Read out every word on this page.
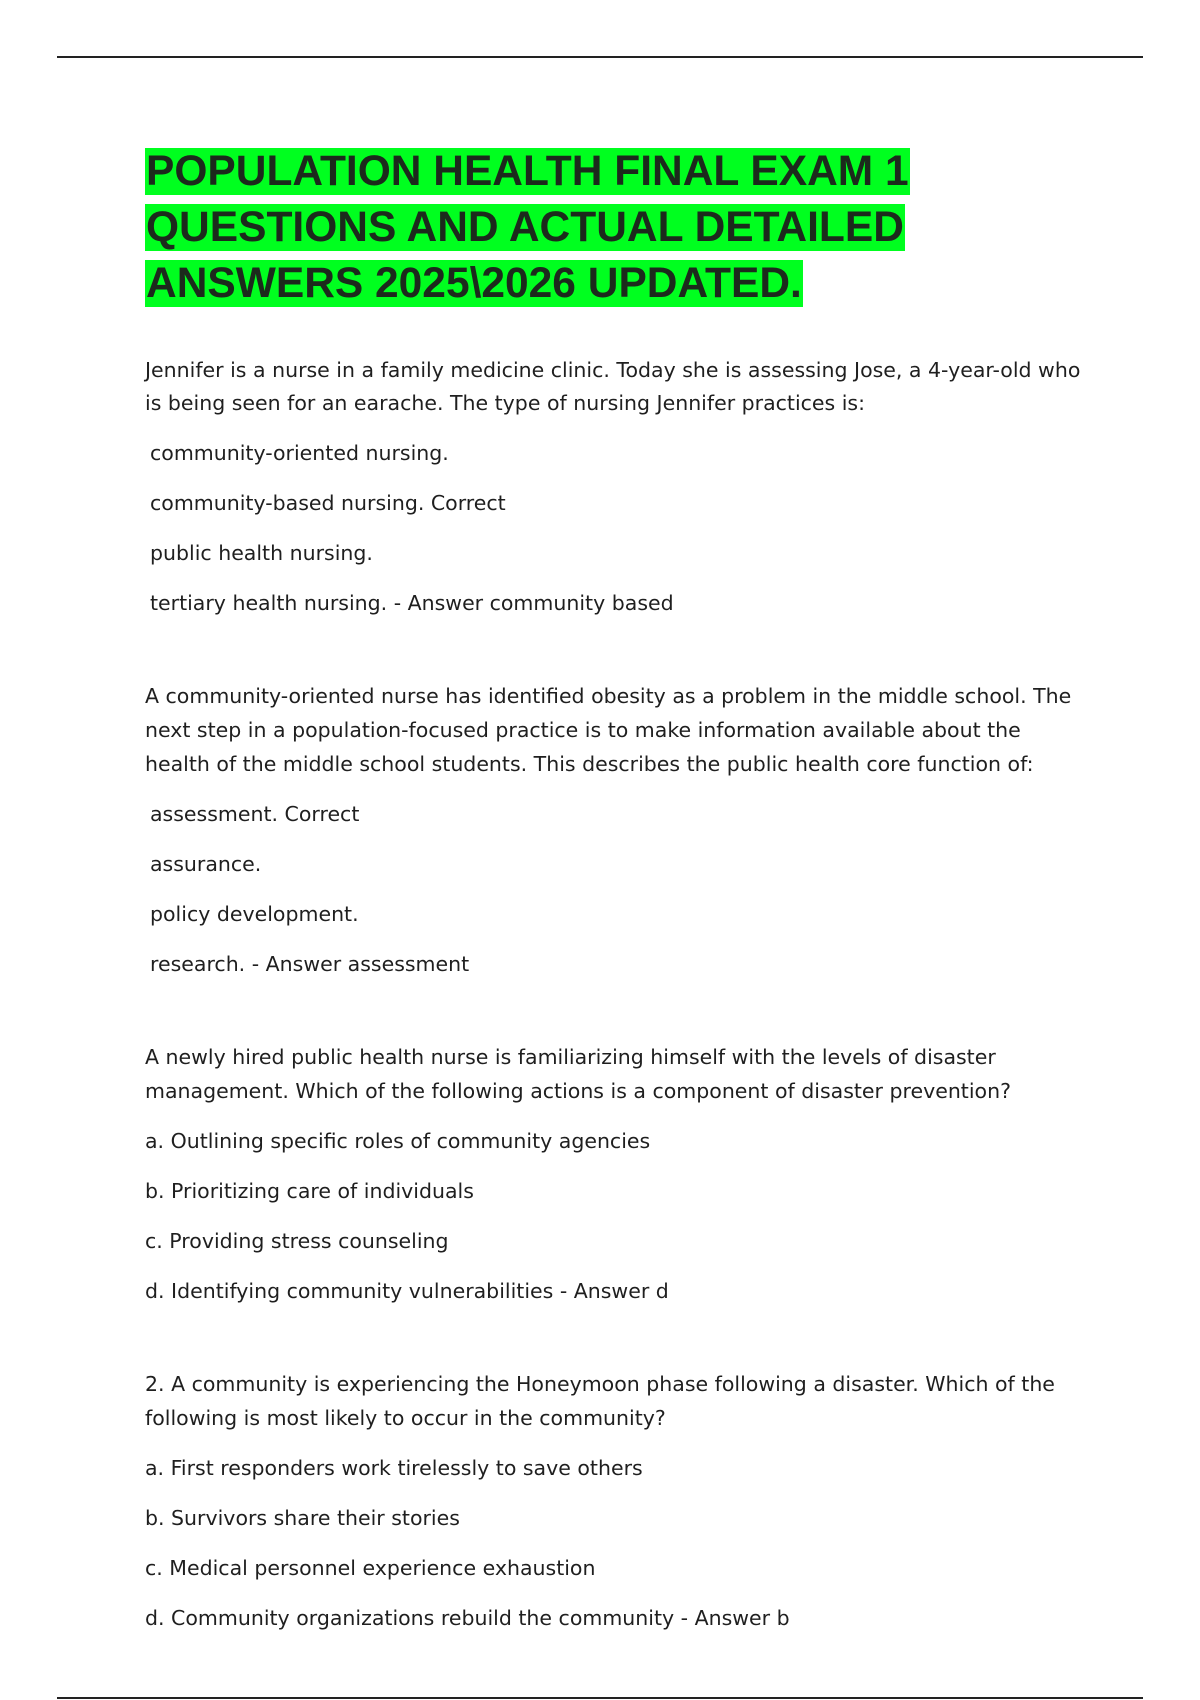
POPULATION HEALTH FINAL EXAM 1 QUESTIONS AND ACTUAL DETAILED ANSWERS 2025\2026 UPDATED.

Jennifer is a nurse in a family medicine clinic. Today she is assessing Jose, a 4-year-old who is being seen for an earache. The type of nursing Jennifer practices is:

community-oriented nursing.

community-based nursing. Correct

public health nursing.

tertiary health nursing. - Answer community based

A community-oriented nurse has identified obesity as a problem in the middle school. The next step in a population-focused practice is to make information available about the health of the middle school students. This describes the public health core function of:

assessment. Correct

assurance.

policy development.

research. - Answer assessment

A newly hired public health nurse is familiarizing himself with the levels of disaster management. Which of the following actions is a component of disaster prevention?

a. Outlining specific roles of community agencies

b. Prioritizing care of individuals

c. Providing stress counseling

d. Identifying community vulnerabilities - Answer d

2. A community is experiencing the Honeymoon phase following a disaster. Which of the following is most likely to occur in the community?

a. First responders work tirelessly to save others

b. Survivors share their stories

c. Medical personnel experience exhaustion

d. Community organizations rebuild the community - Answer b
